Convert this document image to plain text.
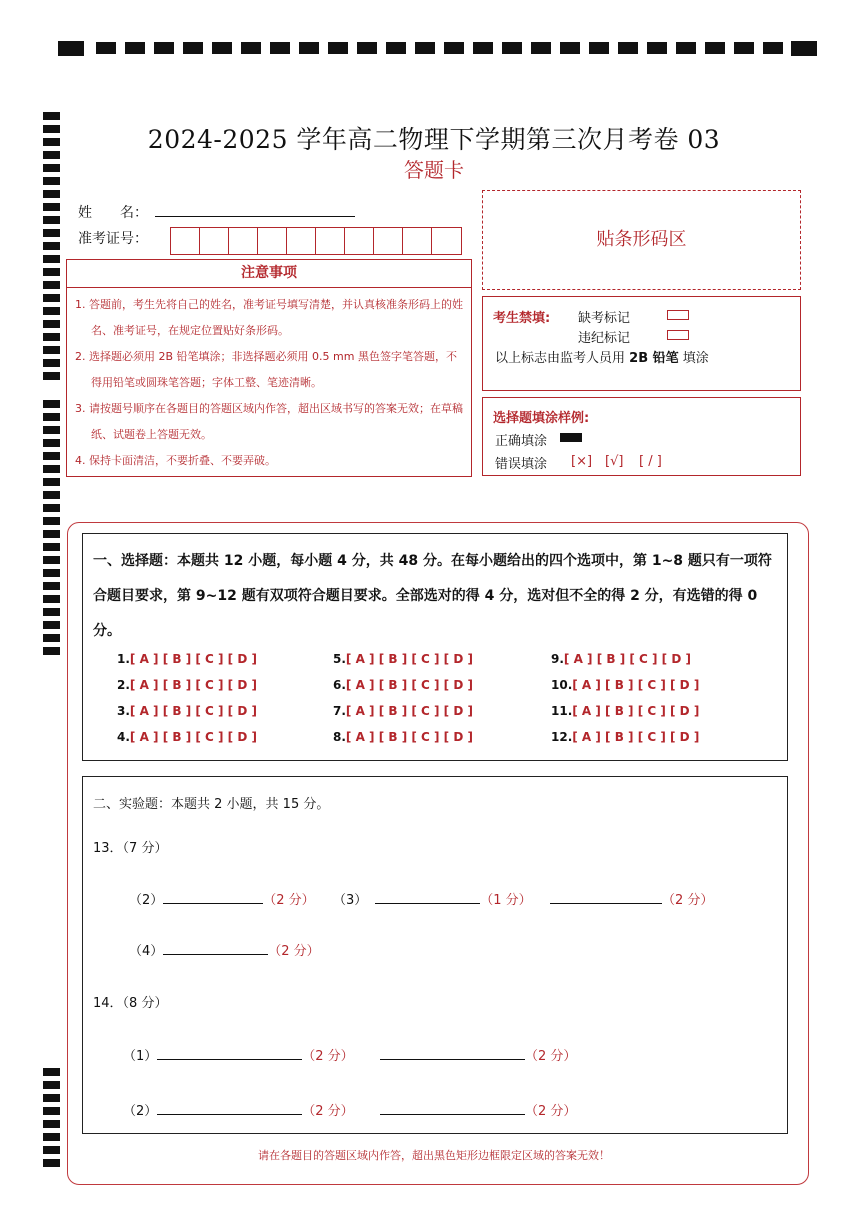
2024-2025 学年高二物理下学期第三次月考卷 03
答题卡
姓　　名：
准考证号：
注意事项
1. 答题前，考生先将自己的姓名，准考证号填写清楚，并认真核准条形码上的姓名、准考证号，在规定位置贴好条形码。
2. 选择题必须用 2B 铅笔填涂；非选择题必须用 0.5 mm 黑色签字笔答题，不得用铅笔或圆珠笔答题；字体工整、笔迹清晰。
3. 请按题号顺序在各题目的答题区域内作答，超出区域书写的答案无效；在草稿纸、试题卷上答题无效。
4. 保持卡面清洁，不要折叠、不要弄破。
贴条形码区
考生禁填: 缺考标记
违纪标记
以上标志由监考人员用 2B 铅笔 填涂
选择题填涂样例:
正确填涂
错误填涂 [×] [√] [ / ]
一、选择题：本题共 12 小题，每小题 4 分，共 48 分。在每小题给出的四个选项中，第 1~8 题只有一项符合题目要求，第 9~12 题有双项符合题目要求。全部选对的得 4 分，选对但不全的得 2 分，有选错的得 0 分。
1.[ A ] [ B ] [ C ] [ D ]
2.[ A ] [ B ] [ C ] [ D ]
3.[ A ] [ B ] [ C ] [ D ]
4.[ A ] [ B ] [ C ] [ D ]
5.[ A ] [ B ] [ C ] [ D ]
6.[ A ] [ B ] [ C ] [ D ]
7.[ A ] [ B ] [ C ] [ D ]
8.[ A ] [ B ] [ C ] [ D ]
9.[ A ] [ B ] [ C ] [ D ]
10.[ A ] [ B ] [ C ] [ D ]
11.[ A ] [ B ] [ C ] [ D ]
12.[ A ] [ B ] [ C ] [ D ]
二、实验题：本题共 2 小题，共 15 分。
13．（7 分）
（2）	（2 分） （3）	（1 分）	（2 分）
（4）	（2 分）
14．（8 分）
（1）	（2 分）	（2 分）
（2）	（2 分）	（2 分）
请在各题目的答题区域内作答，超出黑色矩形边框限定区域的答案无效！
